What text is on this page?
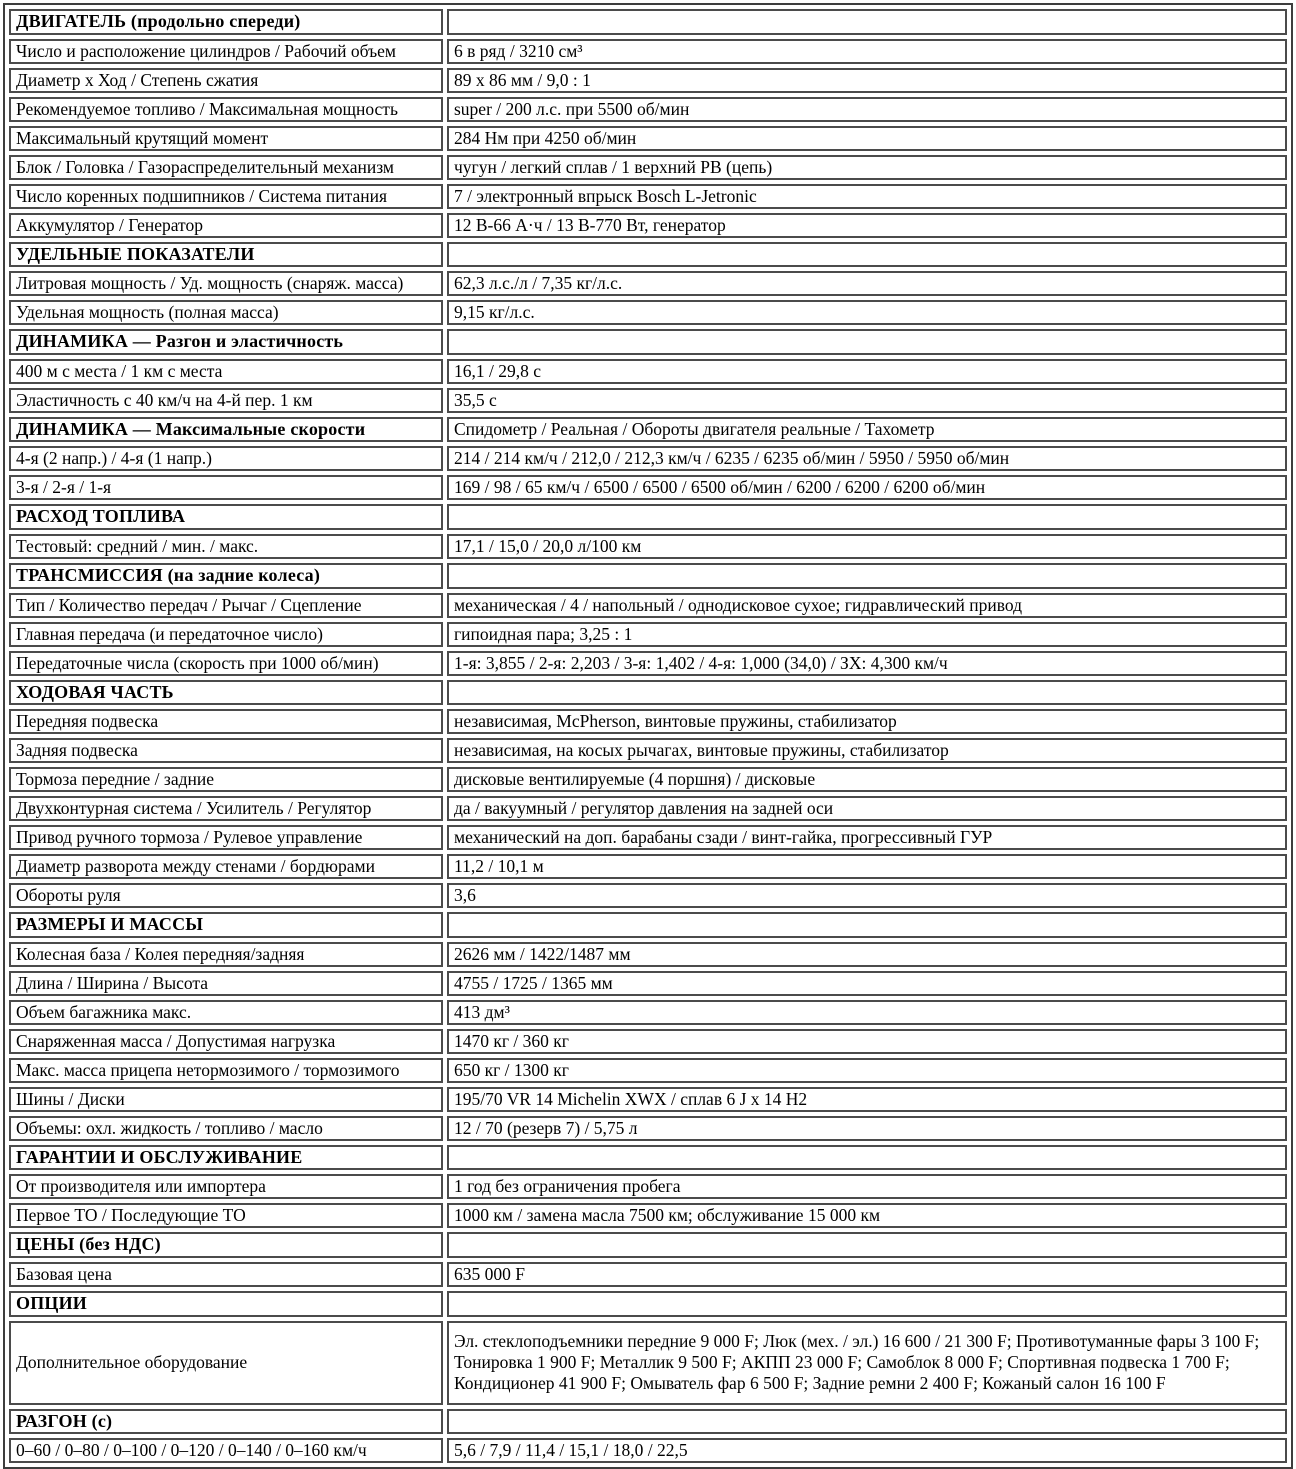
ДВИГАТЕЛЬ (продольно спереди)	
Число и расположение цилиндров / Рабочий объем	6 в ряд / 3210 см³
Диаметр x Ход / Степень сжатия	89 x 86 мм / 9,0 : 1
Рекомендуемое топливо / Максимальная мощность	super / 200 л.с. при 5500 об/мин
Максимальный крутящий момент	284 Нм при 4250 об/мин
Блок / Головка / Газораспределительный механизм	чугун / легкий сплав / 1 верхний РВ (цепь)
Число коренных подшипников / Система питания	7 / электронный впрыск Bosch L-Jetronic
Аккумулятор / Генератор	12 В-66 А·ч / 13 В-770 Вт, генератор
УДЕЛЬНЫЕ ПОКАЗАТЕЛИ	
Литровая мощность / Уд. мощность (снаряж. масса)	62,3 л.с./л / 7,35 кг/л.с.
Удельная мощность (полная масса)	9,15 кг/л.с.
ДИНАМИКА — Разгон и эластичность	
400 м с места / 1 км с места	16,1 / 29,8 с
Эластичность с 40 км/ч на 4-й пер. 1 км	35,5 с
ДИНАМИКА — Максимальные скорости	Спидометр / Реальная / Обороты двигателя реальные / Тахометр
4-я (2 напр.) / 4-я (1 напр.)	214 / 214 км/ч / 212,0 / 212,3 км/ч / 6235 / 6235 об/мин / 5950 / 5950 об/мин
3-я / 2-я / 1-я	169 / 98 / 65 км/ч / 6500 / 6500 / 6500 об/мин / 6200 / 6200 / 6200 об/мин
РАСХОД ТОПЛИВА	
Тестовый: средний / мин. / макс.	17,1 / 15,0 / 20,0 л/100 км
ТРАНСМИССИЯ (на задние колеса)	
Тип / Количество передач / Рычаг / Сцепление	механическая / 4 / напольный / однодисковое сухое; гидравлический привод
Главная передача (и передаточное число)	гипоидная пара; 3,25 : 1
Передаточные числа (скорость при 1000 об/мин)	1-я: 3,855 / 2-я: 2,203 / 3-я: 1,402 / 4-я: 1,000 (34,0) / ЗХ: 4,300 км/ч
ХОДОВАЯ ЧАСТЬ	
Передняя подвеска	независимая, McPherson, винтовые пружины, стабилизатор
Задняя подвеска	независимая, на косых рычагах, винтовые пружины, стабилизатор
Тормоза передние / задние	дисковые вентилируемые (4 поршня) / дисковые
Двухконтурная система / Усилитель / Регулятор	да / вакуумный / регулятор давления на задней оси
Привод ручного тормоза / Рулевое управление	механический на доп. барабаны сзади / винт-гайка, прогрессивный ГУР
Диаметр разворота между стенами / бордюрами	11,2 / 10,1 м
Обороты руля	3,6
РАЗМЕРЫ И МАССЫ	
Колесная база / Колея передняя/задняя	2626 мм / 1422/1487 мм
Длина / Ширина / Высота	4755 / 1725 / 1365 мм
Объем багажника макс.	413 дм³
Снаряженная масса / Допустимая нагрузка	1470 кг / 360 кг
Макс. масса прицепа нетормозимого / тормозимого	650 кг / 1300 кг
Шины / Диски	195/70 VR 14 Michelin XWX / сплав 6 J x 14 H2
Объемы: охл. жидкость / топливо / масло	12 / 70 (резерв 7) / 5,75 л
ГАРАНТИИ И ОБСЛУЖИВАНИЕ	
От производителя или импортера	1 год без ограничения пробега
Первое ТО / Последующие ТО	1000 км / замена масла 7500 км; обслуживание 15 000 км
ЦЕНЫ (без НДС)	
Базовая цена	635 000 F
ОПЦИИ	
Дополнительное оборудование	Эл. стеклоподъемники передние 9 000 F; Люк (мех. / эл.) 16 600 / 21 300 F; Противотуманные фары 3 100 F; Тонировка 1 900 F; Металлик 9 500 F; АКПП 23 000 F; Самоблок 8 000 F; Спортивная подвеска 1 700 F; Кондиционер 41 900 F; Омыватель фар 6 500 F; Задние ремни 2 400 F; Кожаный салон 16 100 F
РАЗГОН (с)	
0–60 / 0–80 / 0–100 / 0–120 / 0–140 / 0–160 км/ч	5,6 / 7,9 / 11,4 / 15,1 / 18,0 / 22,5
